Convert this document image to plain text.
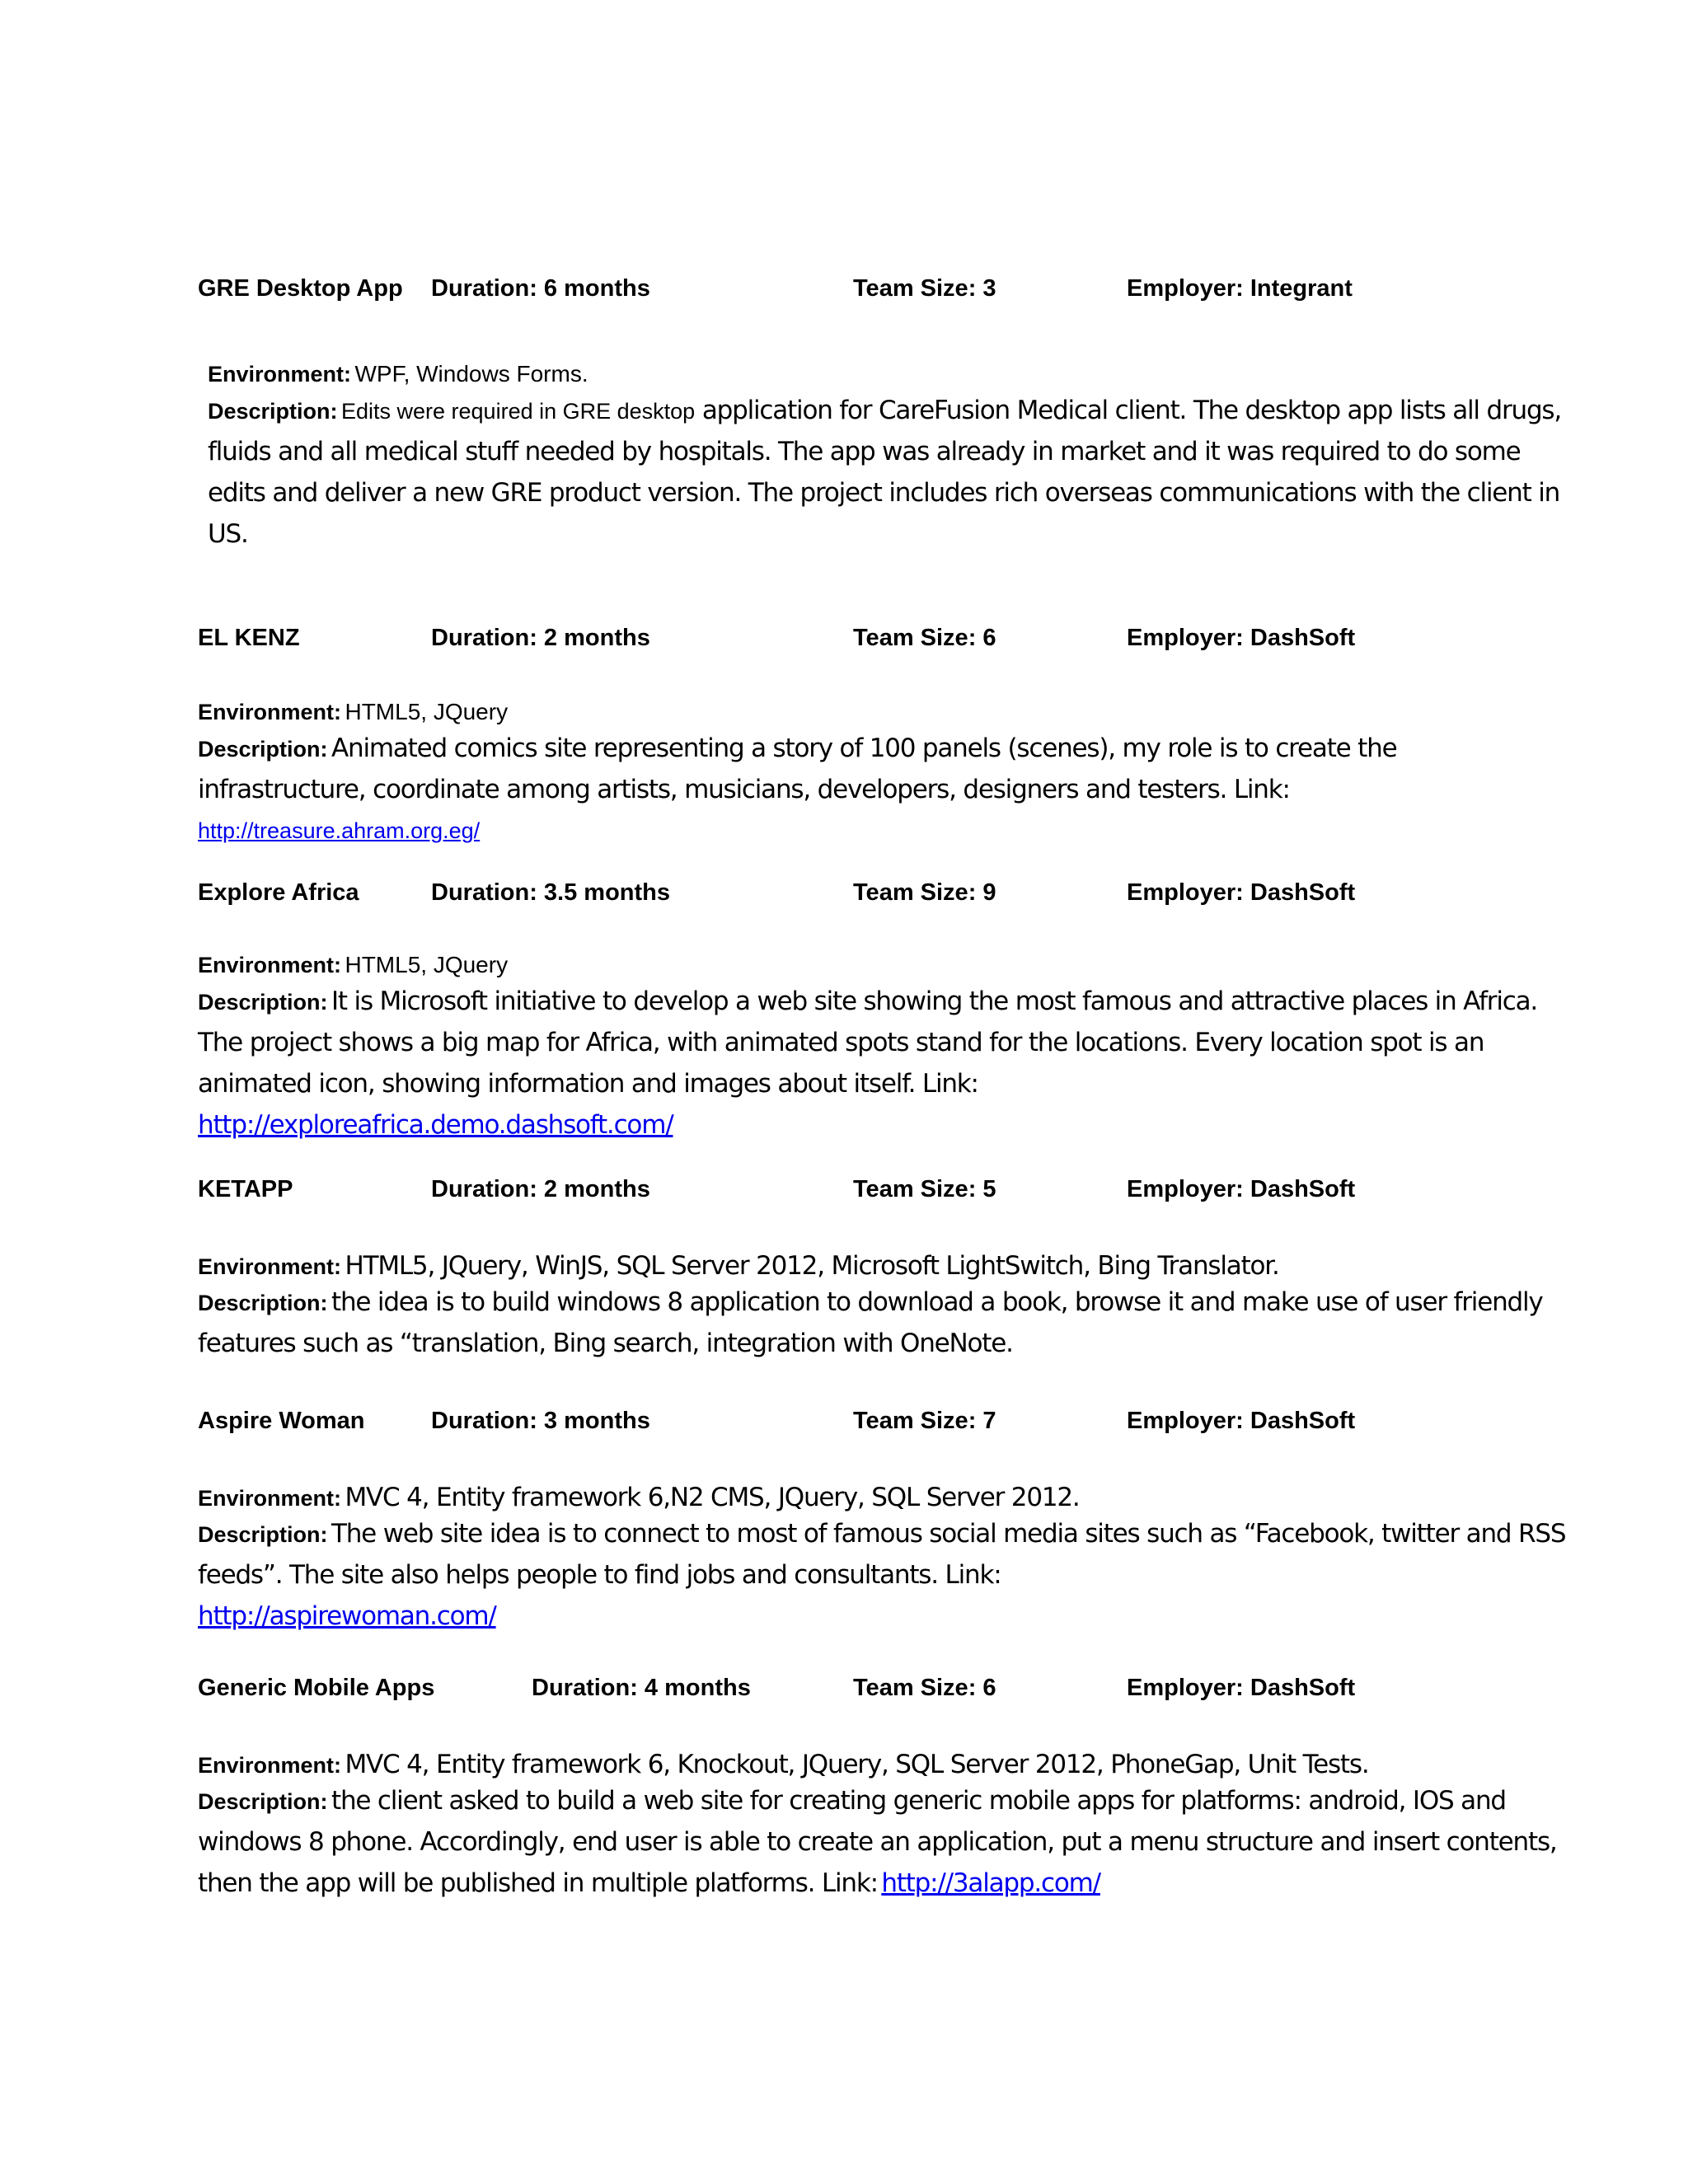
GRE Desktop App Duration: 6 months	Team Size: 3	Employer: Integrant
Environment: WPF, Windows Forms.
Description: Edits were required in GRE desktop application for CareFusion Medical client. The desktop app lists all drugs, fluids and all medical stuff needed by hospitals. The app was already in market and it was required to do some edits and deliver a new GRE product version. The project includes rich overseas communications with the client in US.
EL KENZ	Duration: 2 months	Team Size: 6	Employer: DashSoft
Environment: HTML5, JQuery
Description: Animated comics site representing a story of 100 panels (scenes), my role is to create the infrastructure, coordinate among artists, musicians, developers, designers and testers. Link:
http://treasure.ahram.org.eg/
Explore Africa	Duration: 3.5 months	Team Size: 9	Employer: DashSoft
Environment: HTML5, JQuery
Description: It is Microsoft initiative to develop a web site showing the most famous and attractive places in Africa. The project shows a big map for Africa, with animated spots stand for the locations. Every location spot is an animated icon, showing information and images about itself. Link:
http://exploreafrica.demo.dashsoft.com/
KETAPP	Duration: 2 months	Team Size: 5	Employer: DashSoft
Environment: HTML5, JQuery, WinJS, SQL Server 2012, Microsoft LightSwitch, Bing Translator.
Description: the idea is to build windows 8 application to download a book, browse it and make use of user friendly features such as “translation, Bing search, integration with OneNote.
Aspire Woman	Duration: 3 months	Team Size: 7	Employer: DashSoft
Environment: MVC 4, Entity framework 6,N2 CMS, JQuery, SQL Server 2012.
Description: The web site idea is to connect to most of famous social media sites such as “Facebook, twitter and RSS feeds”. The site also helps people to find jobs and consultants. Link:
http://aspirewoman.com/
Generic Mobile Apps	Duration: 4 months	Team Size: 6	Employer: DashSoft
Environment: MVC 4, Entity framework 6, Knockout, JQuery, SQL Server 2012, PhoneGap, Unit Tests.
Description: the client asked to build a web site for creating generic mobile apps for platforms: android, IOS and windows 8 phone. Accordingly, end user is able to create an application, put a menu structure and insert contents, then the app will be published in multiple platforms. Link: http://3alapp.com/
